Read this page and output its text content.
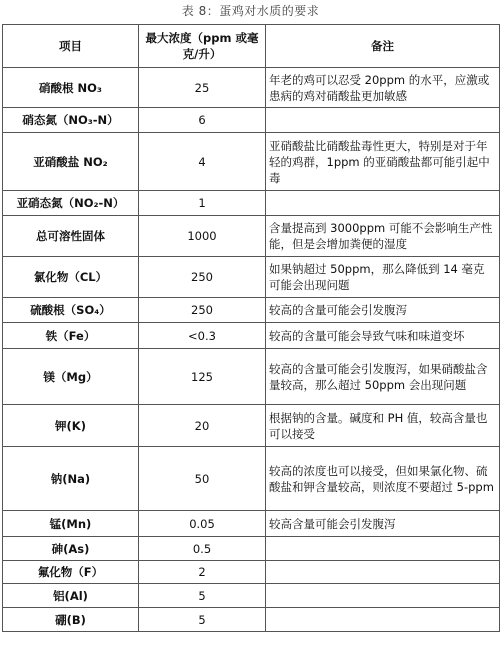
表 8：蛋鸡对水质的要求
项目	最大浓度（ppm 或毫克/升）	备注
硝酸根 NO₃	25	年老的鸡可以忍受 20ppm 的水平，应激或患病的鸡对硝酸盐更加敏感
硝态氮（NO₃-N）	6	
亚硝酸盐 NO₂	4	亚硝酸盐比硝酸盐毒性更大，特别是对于年轻的鸡群，1ppm 的亚硝酸盐都可能引起中毒
亚硝态氮（NO₂-N）	1	
总可溶性固体	1000	含量提高到 3000ppm 可能不会影响生产性能，但是会增加粪便的湿度
氯化物（CL）	250	如果钠超过 50ppm，那么降低到 14 毫克可能会出现问题
硫酸根（SO₄）	250	较高的含量可能会引发腹泻
铁（Fe）	<0.3	较高的含量可能会导致气味和味道变坏
镁（Mg）	125	较高的含量可能会引发腹泻，如果硝酸盐含量较高，那么超过 50ppm 会出现问题
钾(K)	20	根据钠的含量。碱度和 PH 值，较高含量也可以接受
钠(Na)	50	较高的浓度也可以接受，但如果氯化物、硫酸盐和钾含量较高，则浓度不要超过 5-ppm
锰(Mn)	0.05	较高含量可能会引发腹泻
砷(As)	0.5	
氟化物（F）	2	
铝(Al)	5	
硼(B)	5	
